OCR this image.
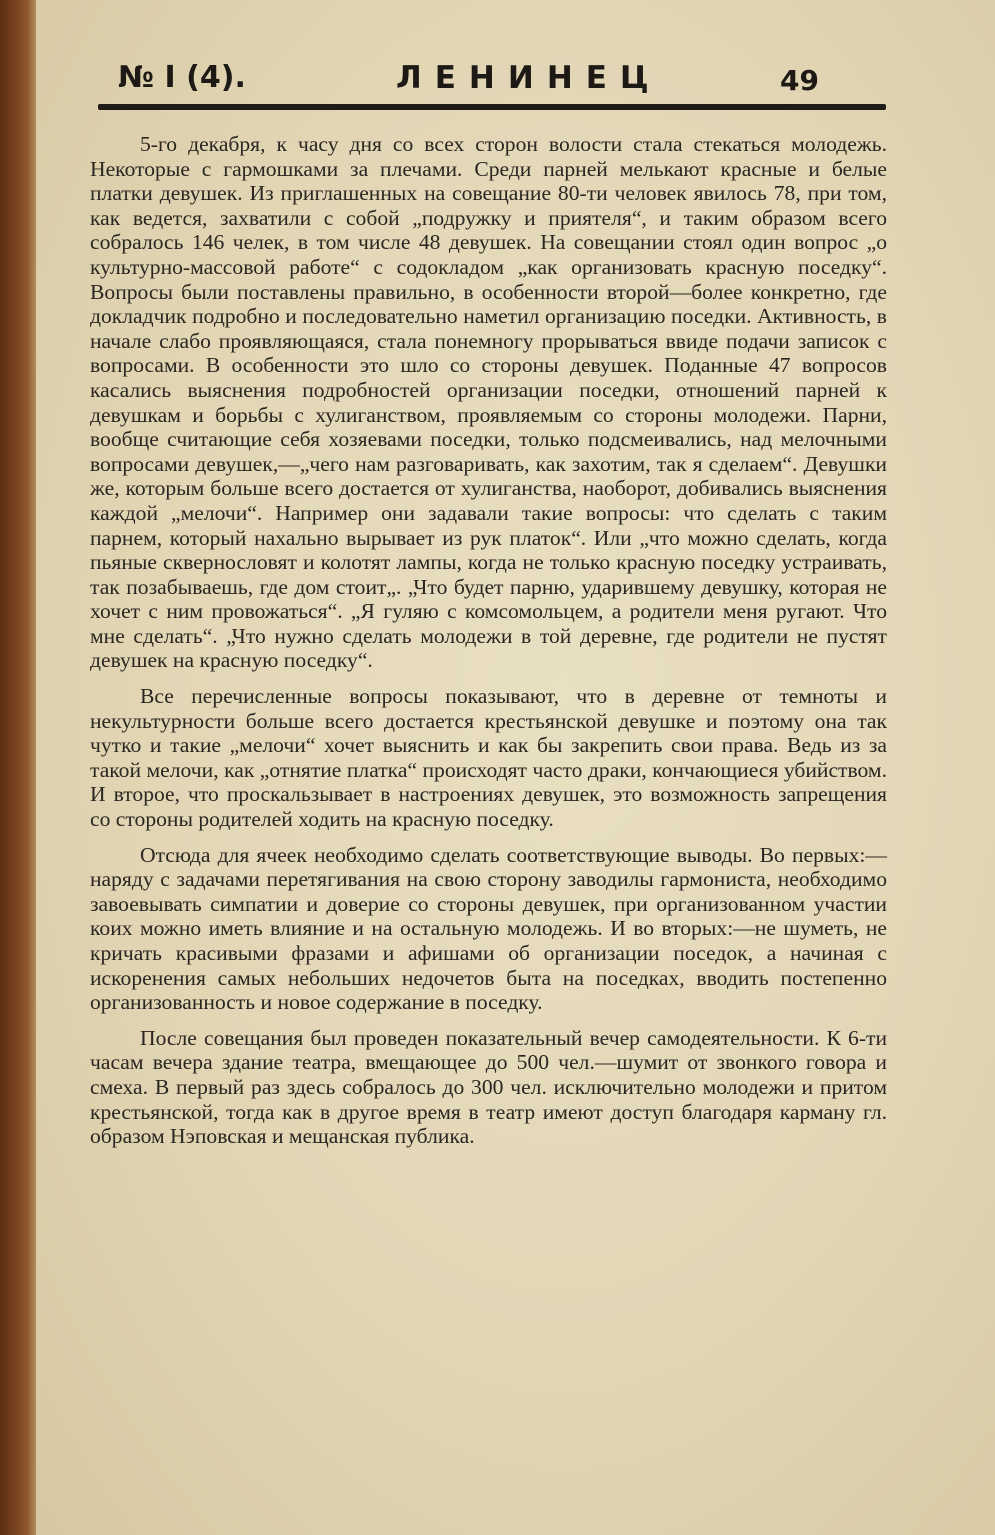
№ I (4).	ЛЕНИНЕЦ	49

5-го декабря, к часу дня со всех сторон волости стала стекаться молодежь. Некоторые с гармошками за плечами. Среди парней мелькают красные и белые платки девушек. Из приглашенных на совещание 80-ти человек явилось 78, при том, как ведется, захватили с собой „подружку и приятеля“, и таким образом всего собралось 146 челек, в том числе 48 девушек. На совещании стоял один вопрос „о культурно-массовой работе“ с содокладом „как организовать красную поседку“. Вопросы были поставлены правильно, в особенности второй—более конкретно, где докладчик подробно и последовательно наметил организацию поседки. Активность, в начале слабо проявляющаяся, стала понемногу прорываться ввиде подачи записок с вопросами. В особенности это шло со стороны девушек. Поданные 47 вопросов касались выяснения подробностей организации поседки, отношений парней к девушкам и борьбы с хулиганством, проявляемым со стороны молодежи. Парни, вообще считающие себя хозяевами поседки, только подсмеивались, над мелочными вопросами девушек,—„чего нам разговаривать, как захотим, так я сделаем“. Девушки же, которым больше всего достается от хулиганства, наоборот, добивались выяснения каждой „мелочи“. Например они задавали такие вопросы: что сделать с таким парнем, который нахально вырывает из рук платок“. Или „что можно сделать, когда пьяные сквернословят и колотят лампы, когда не только красную поседку устраивать, так позабываешь, где дом стоит„. „Что будет парню, ударившему девушку, которая не хочет с ним провожаться“. „Я гуляю с комсомольцем, а родители меня ругают. Что мне сделать“. „Что нужно сделать молодежи в той деревне, где родители не пустят девушек на красную поседку“.

Все перечисленные вопросы показывают, что в деревне от темноты и некультурности больше всего достается крестьянской девушке и поэтому она так чутко и такие „мелочи“ хочет выяснить и как бы закрепить свои права. Ведь из за такой мелочи, как „отнятие платка“ происходят часто драки, кончающиеся убийством. И второе, что проскальзывает в настроениях девушек, это возможность запрещения со стороны родителей ходить на красную поседку.

Отсюда для ячеек необходимо сделать соответствующие выводы. Во первых:—наряду с задачами перетягивания на свою сторону заводилы гармониста, необходимо завоевывать симпатии и доверие со стороны девушек, при организованном участии коих можно иметь влияние и на остальную молодежь. И во вторых:—не шуметь, не кричать красивыми фразами и афишами об организации поседок, а начиная с искоренения самых небольших недочетов быта на поседках, вводить постепенно организованность и новое содержание в поседку.

После совещания был проведен показательный вечер самодеятельности. К 6-ти часам вечера здание театра, вмещающее до 500 чел.—шумит от звонкого говора и смеха. В первый раз здесь собралось до 300 чел. исключительно молодежи и притом крестьянской, тогда как в другое время в театр имеют доступ благодаря карману гл. образом Нэповская и мещанская публика.
